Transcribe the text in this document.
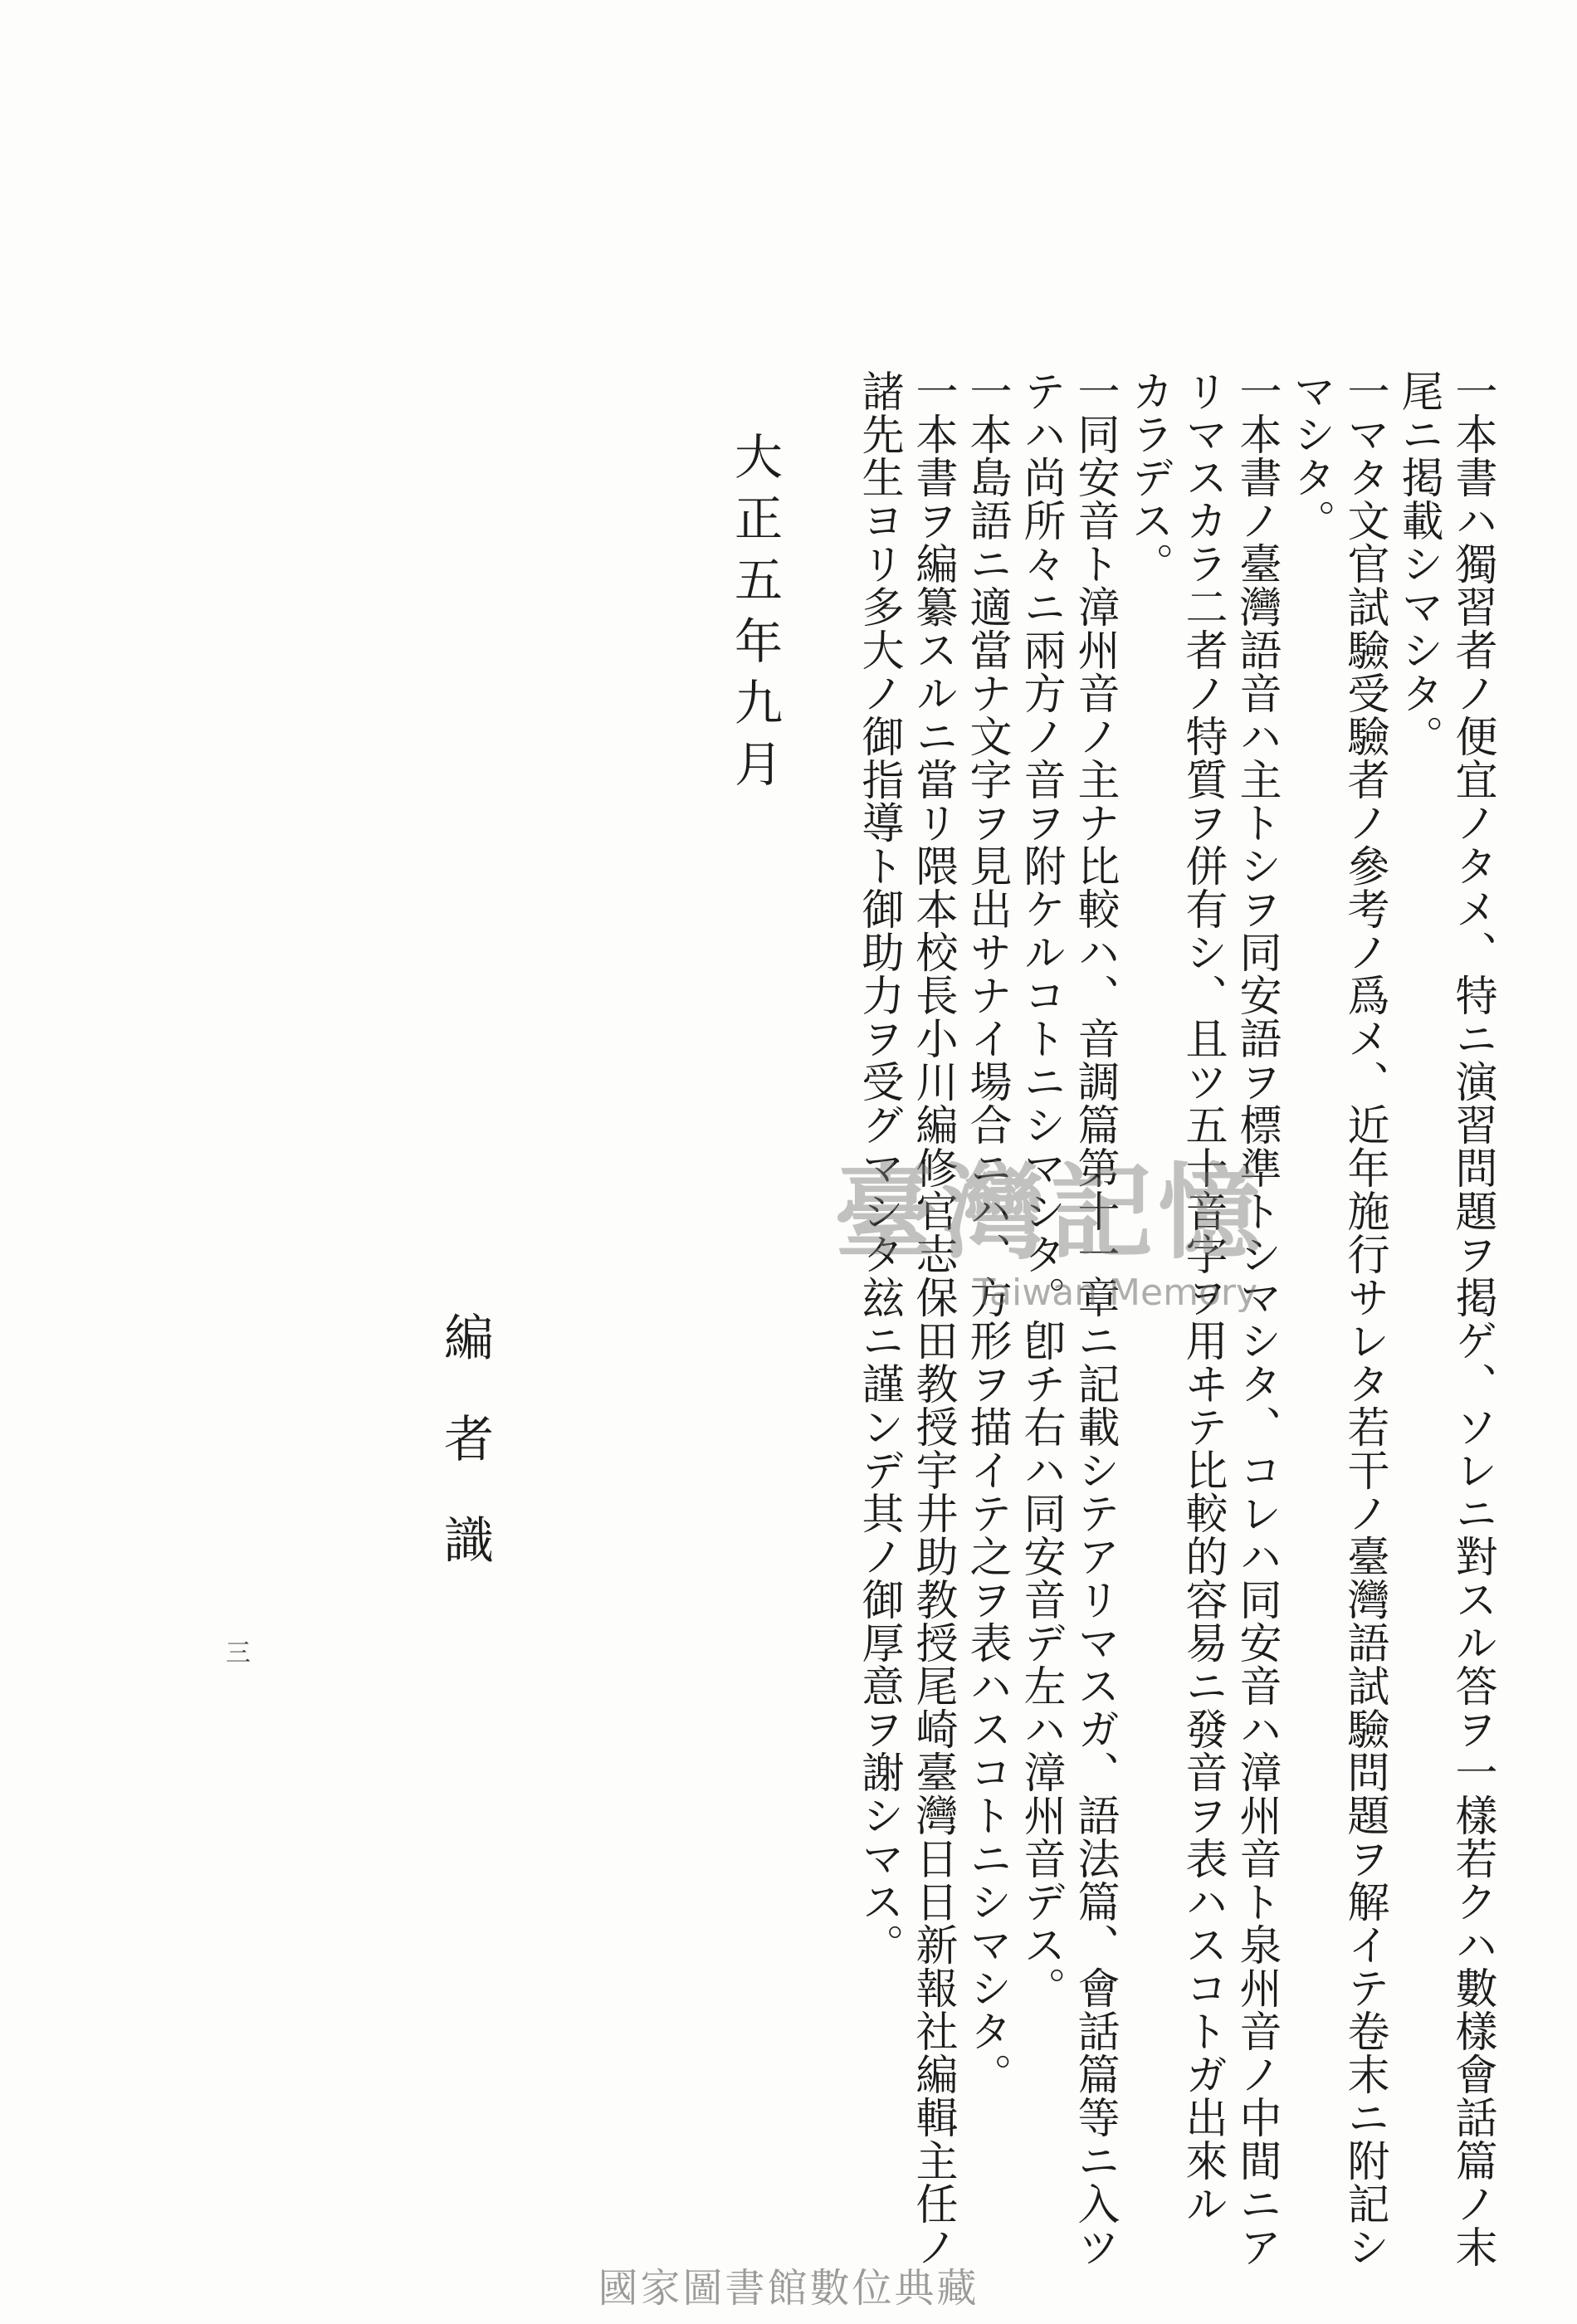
一本書ハ獨習者ノ便宜ノタメ、特ニ演習問題ヲ掲ゲ、ソレニ對スル答ヲ一樣若クハ數樣會話篇ノ末
尾ニ掲載シマシタ。
一マタ文官試驗受驗者ノ參考ノ爲メ、近年施行サレタ若干ノ臺灣語試驗問題ヲ解イテ卷末ニ附記シ
マシタ。
一本書ノ臺灣語音ハ主トシヲ同安語ヲ標準トシマシタ、コレハ同安音ハ漳州音ト泉州音ノ中間ニア
リマスカラ二者ノ特質ヲ併有シ、且ツ五十音字ヲ用ヰテ比較的容易ニ發音ヲ表ハスコトガ出來ル
カラデス。
一同安音ト漳州音ノ主ナ比較ハ、音調篇第十一章ニ記載シテアリマスガ、語法篇、會話篇等ニ入ツ
テハ尚所々ニ兩方ノ音ヲ附ケルコトニシマシタ。卽チ右ハ同安音デ左ハ漳州音デス。
一本島語ニ適當ナ文字ヲ見出サナイ場合ニハ、方形ヲ描イテ之ヲ表ハスコトニシマシタ。
一本書ヲ編纂スルニ當リ隈本校長小川編修官志保田教授宇井助教授尾崎臺灣日日新報社編輯主任ノ
諸先生ヨリ多大ノ御指導ト御助力ヲ受グマシタ玆ニ謹ンデ其ノ御厚意ヲ謝シマス。
大正五年九月
編者識
三
臺灣記憶
Taiwan Memory
國家圖書館數位典藏
